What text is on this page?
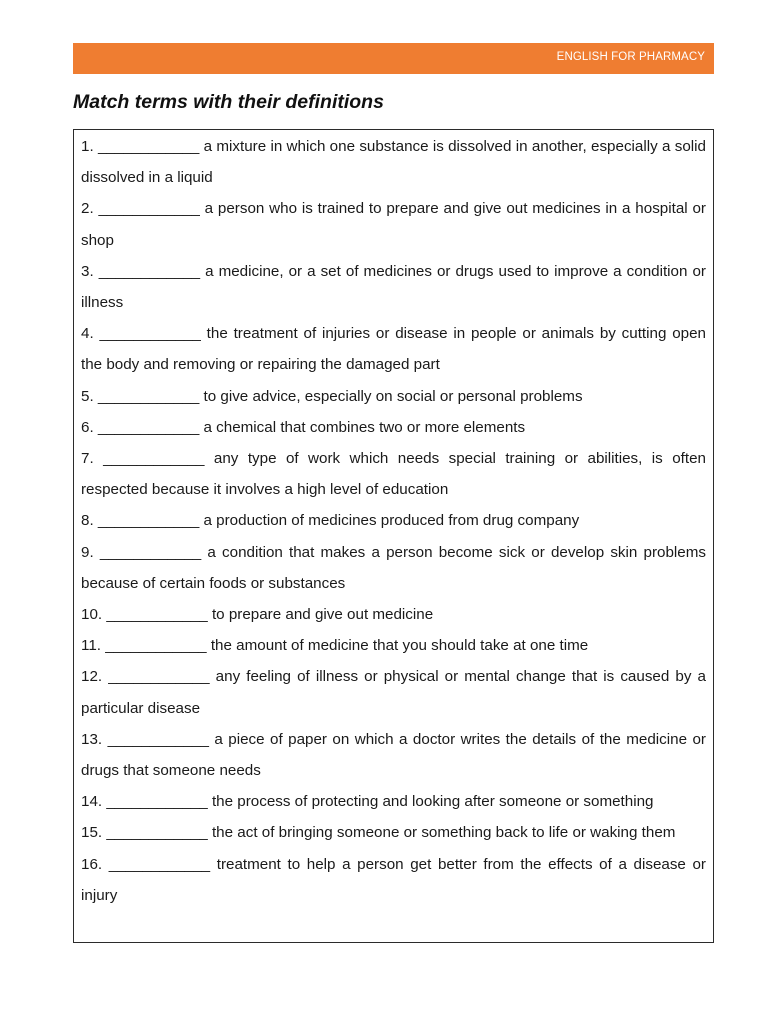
ENGLISH FOR PHARMACY
Match terms with their definitions
1. ____________ a mixture in which one substance is dissolved in another, especially a solid dissolved in a liquid
2. ____________ a person who is trained to prepare and give out medicines in a hospital or shop
3. ____________ a medicine, or a set of medicines or drugs used to improve a condition or illness
4. ____________ the treatment of injuries or disease in people or animals by cutting open the body and removing or repairing the damaged part
5. ____________ to give advice, especially on social or personal problems
6. ____________ a chemical that combines two or more elements
7. ____________ any type of work which needs special training or abilities, is often respected because it involves a high level of education
8. ____________ a production of medicines produced from drug company
9. ____________ a condition that makes a person become sick or develop skin problems because of certain foods or substances
10. ____________ to prepare and give out medicine
11. ____________ the amount of medicine that you should take at one time
12. ____________ any feeling of illness or physical or mental change that is caused by a particular disease
13. ____________ a piece of paper on which a doctor writes the details of the medicine or drugs that someone needs
14. ____________ the process of protecting and looking after someone or something
15. ____________ the act of bringing someone or something back to life or waking them
16. ____________ treatment to help a person get better from the effects of a disease or injury
